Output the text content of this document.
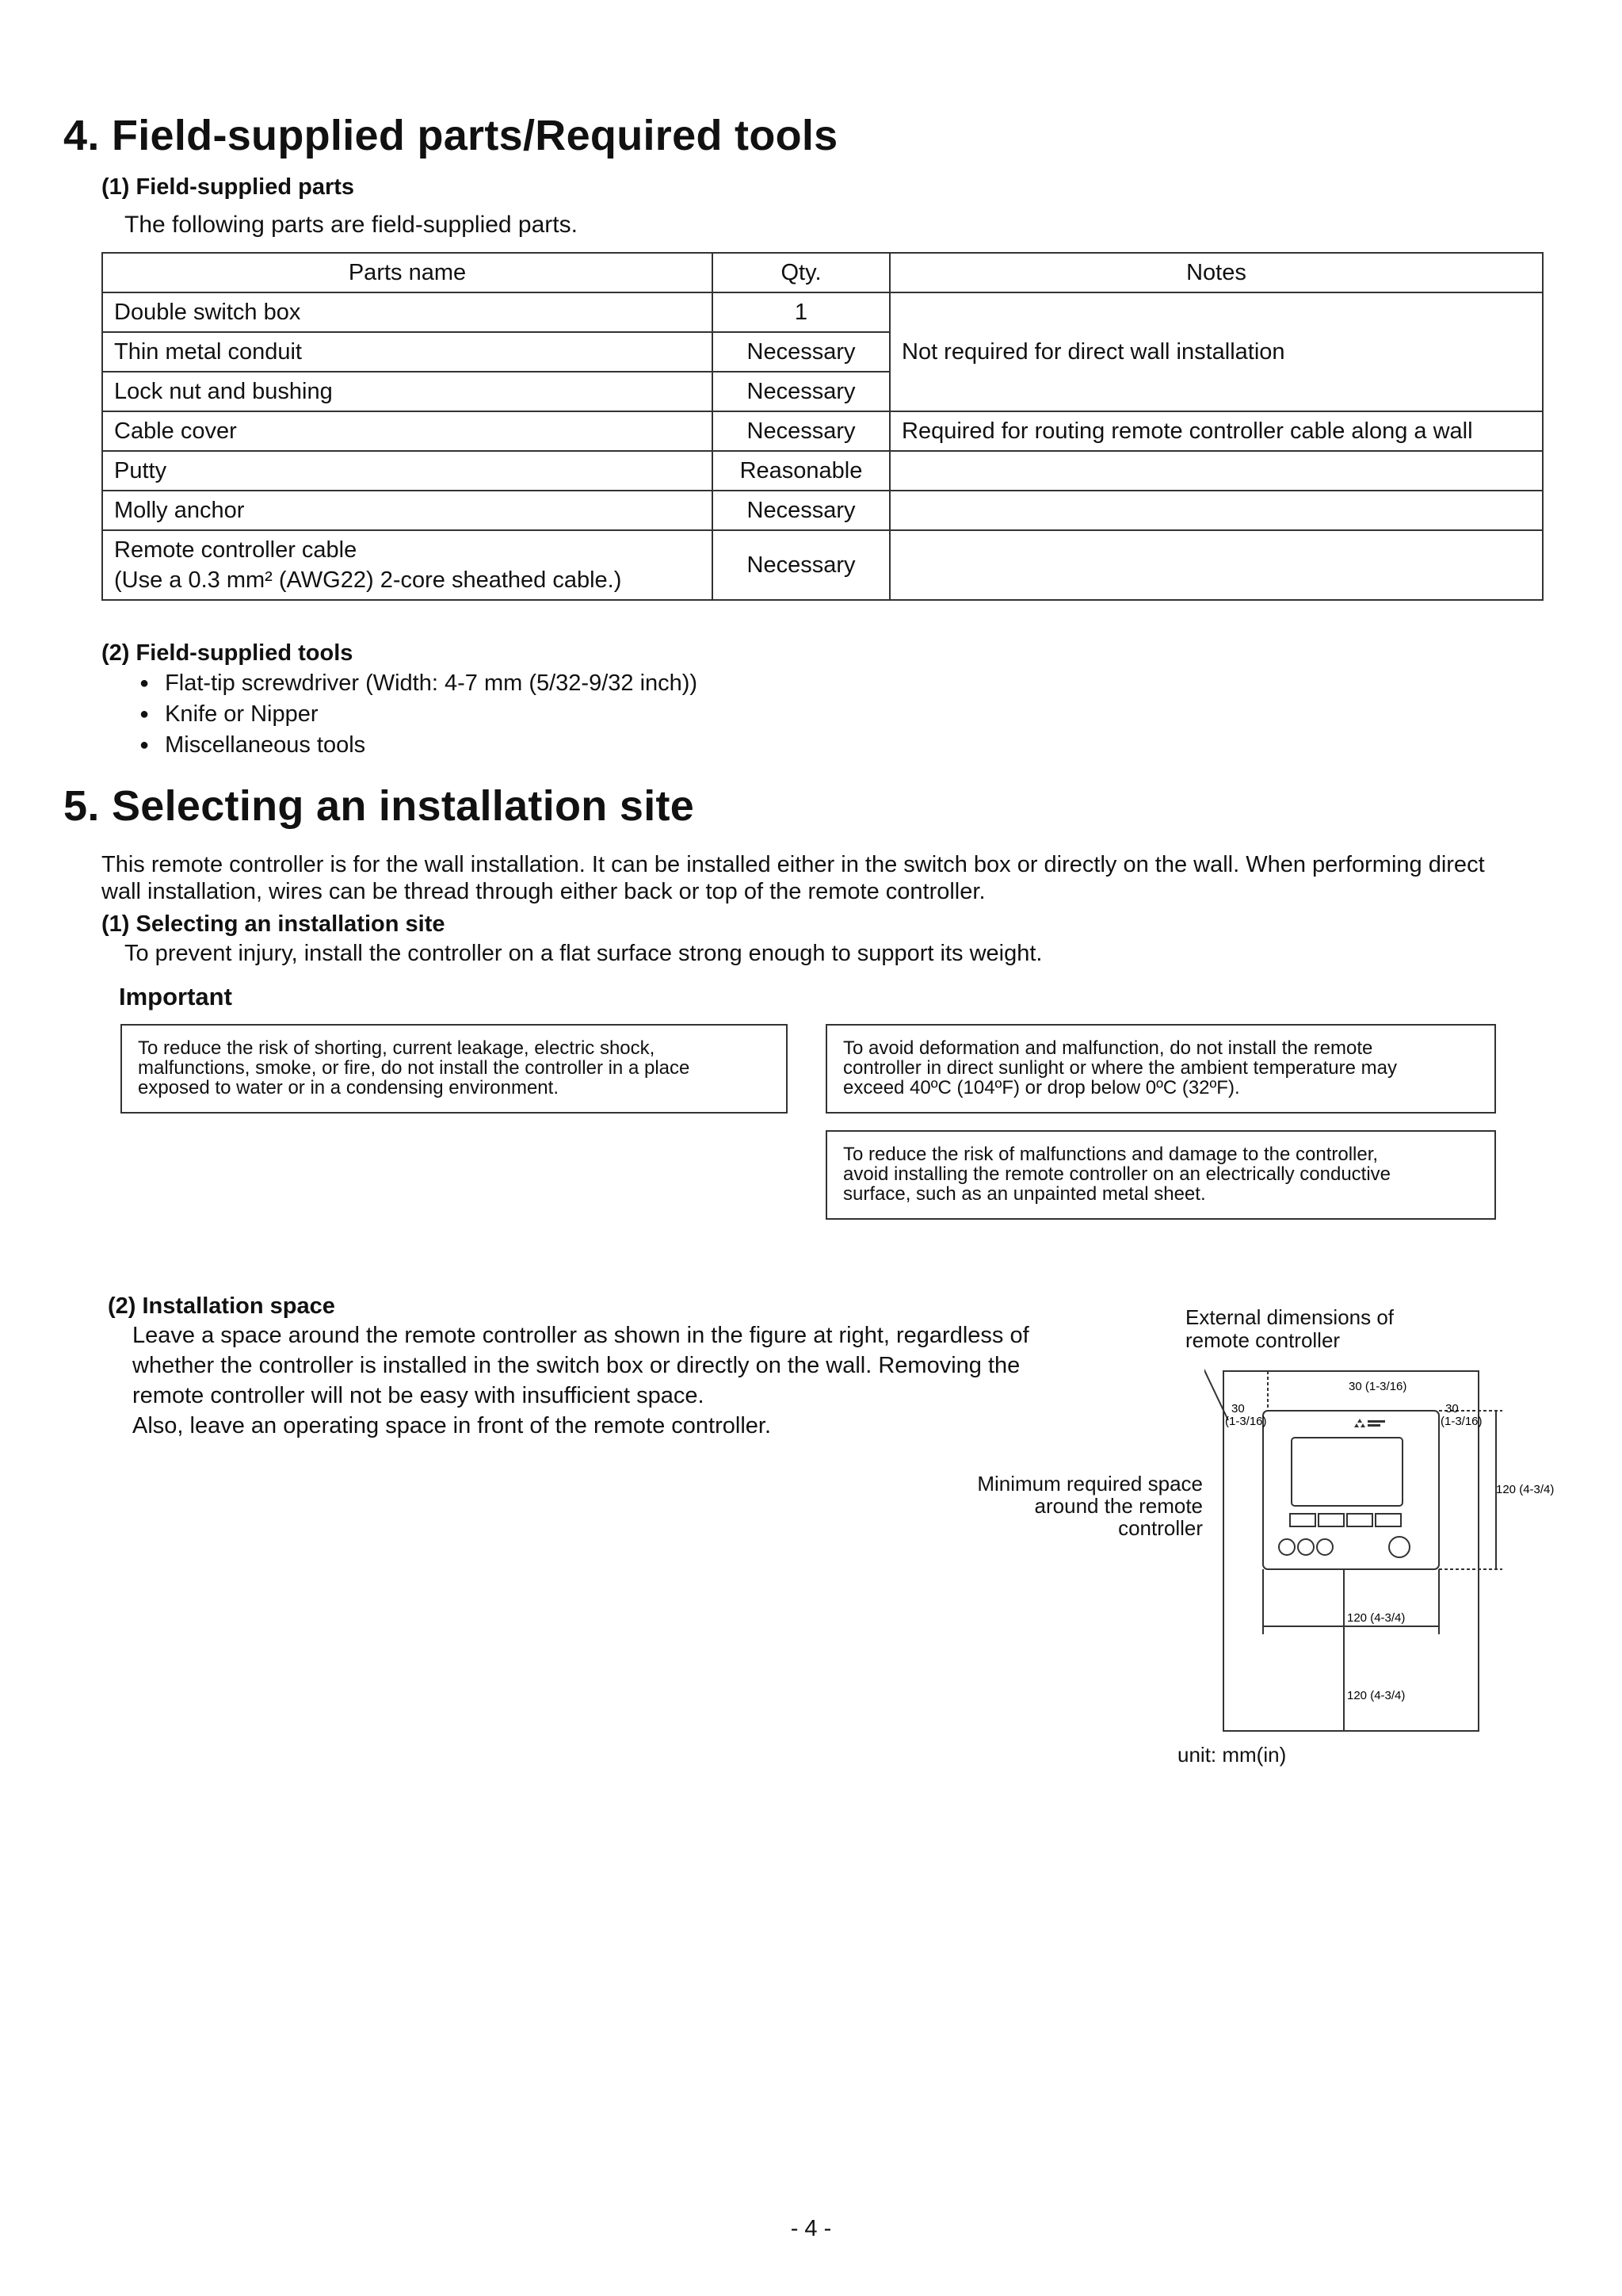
4. Field-supplied parts/Required tools
(1) Field-supplied parts
The following parts are field-supplied parts.
Parts name	Qty.	Notes
Double switch box	1	Not required for direct wall installation
Thin metal conduit	Necessary	
Lock nut and bushing	Necessary	
Cable cover	Necessary	Required for routing remote controller cable along a wall
Putty	Reasonable	
Molly anchor	Necessary	

Remote controller cable
(Use a 0.3 mm² (AWG22) 2-core sheathed cable.)	Necessary	
(2) Field-supplied tools
● Flat-tip screwdriver (Width: 4-7 mm (5/32-9/32 inch))
● Knife or Nipper
● Miscellaneous tools
5. Selecting an installation site
This remote controller is for the wall installation. It can be installed either in the switch box or directly on the wall. When performing direct
wall installation, wires can be thread through either back or top of the remote controller.
(1) Selecting an installation site
To prevent injury, install the controller on a flat surface strong enough to support its weight.
Important
To reduce the risk of shorting, current leakage, electric shock,
malfunctions, smoke, or fire, do not install the controller in a place
exposed to water or in a condensing environment.
To avoid deformation and malfunction, do not install the remote
controller in direct sunlight or where the ambient temperature may
exceed 40ºC (104ºF) or drop below 0ºC (32ºF).
To reduce the risk of malfunctions and damage to the controller,
avoid installing the remote controller on an electrically conductive
surface, such as an unpainted metal sheet.
(2) Installation space
Leave a space around the remote controller as shown in the figure at right, regardless of
whether the controller is installed in the switch box or directly on the wall. Removing the
remote controller will not be easy with insufficient space.
Also, leave an operating space in front of the remote controller.
External dimensions of
remote controller
Minimum required space
around the remote
controller
30 (1-3/16)
30
(1-3/16)
30
(1-3/16)
120 (4-3/4)
120 (4-3/4)
120 (4-3/4)
unit: mm(in)
- 4 -
